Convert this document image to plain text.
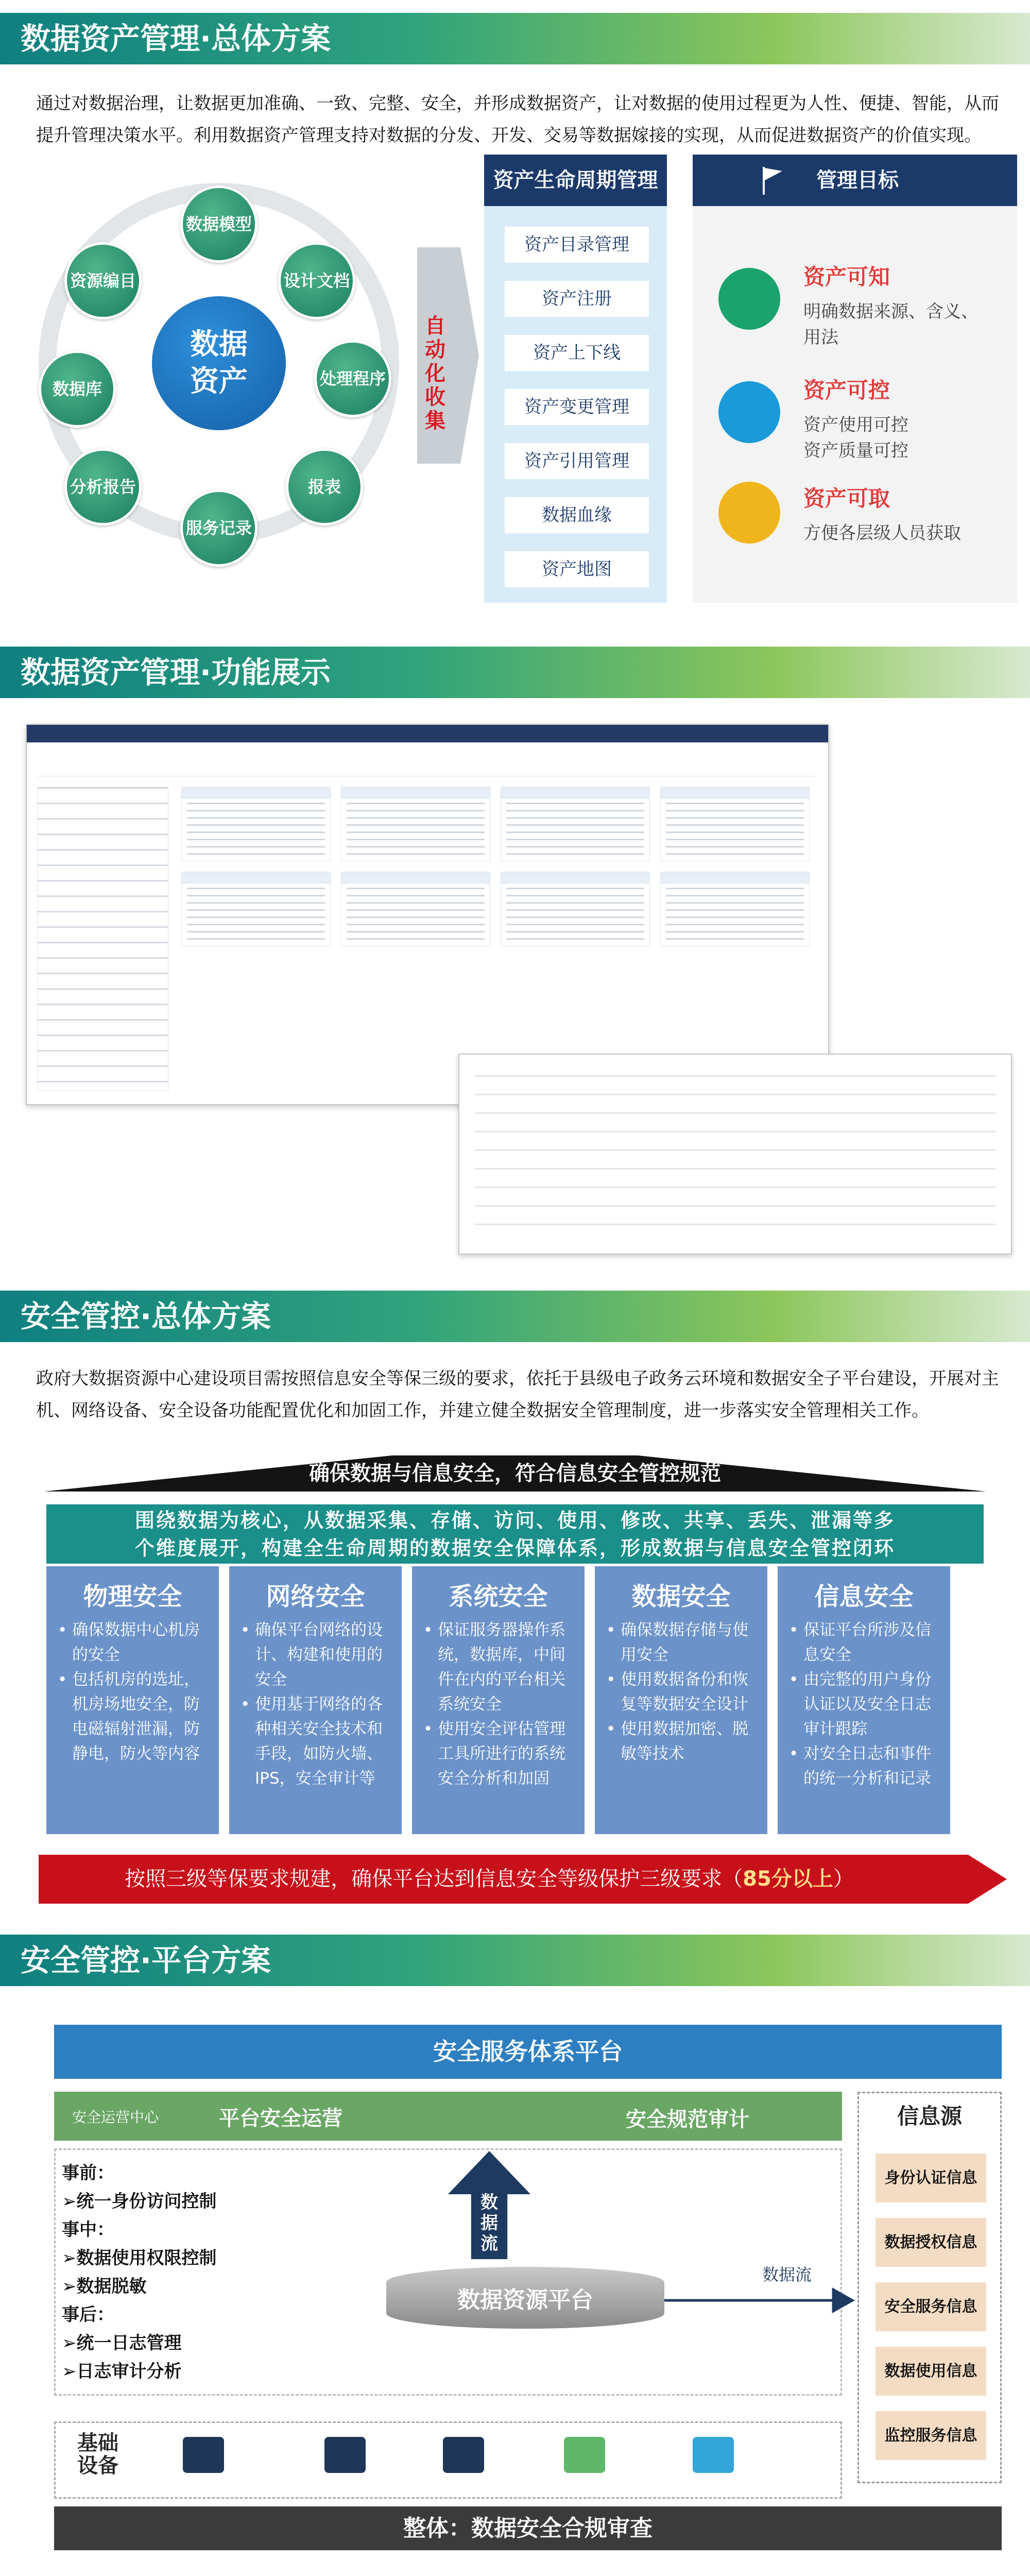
数据资产管理·总体方案
通过对数据治理，让数据更加准确、一致、完整、安全，并形成数据资产，让对数据的使用过程更为人性、便捷、智能，从而提升管理决策水平。利用数据资产管理支持对数据的分发、开发、交易等数据嫁接的实现，从而促进数据资产的价值实现。
数据
资产
数据模型
设计文档
处理程序
报表
服务记录
分析报告
数据库
资源编目
自动化收集
资产生命周期管理
资产目录管理
资产注册
资产上下线
资产变更管理
资产引用管理
数据血缘
资产地图
管理目标
资产可知
明确数据来源、含义、
用法
资产可控
资产使用可控
资产质量可控
资产可取
方便各层级人员获取
数据资产管理·功能展示
安全管控·总体方案
政府大数据资源中心建设项目需按照信息安全等保三级的要求，依托于县级电子政务云环境和数据安全子平台建设，开展对主机、网络设备、安全设备功能配置优化和加固工作，并建立健全数据安全管理制度，进一步落实安全管理相关工作。
确保数据与信息安全，符合信息安全管控规范
围绕数据为核心，从数据采集、存储、访问、使用、修改、共享、丢失、泄漏等多
个维度展开，构建全生命周期的数据安全保障体系，形成数据与信息安全管控闭环
物理安全
• 确保数据中心机房的安全
• 包括机房的选址，机房场地安全，防电磁辐射泄漏，防静电，防火等内容
网络安全
• 确保平台网络的设计、构建和使用的安全
• 使用基于网络的各种相关安全技术和手段，如防火墙、IPS，安全审计等
系统安全
• 保证服务器操作系统，数据库，中间件在内的平台相关系统安全
• 使用安全评估管理工具所进行的系统安全分析和加固
数据安全
• 确保数据存储与使用安全
• 使用数据备份和恢复等数据安全设计
• 使用数据加密、脱敏等技术
信息安全
• 保证平台所涉及信息安全
• 由完整的用户身份认证以及安全日志审计跟踪
• 对安全日志和事件的统一分析和记录
按照三级等保要求规建，确保平台达到信息安全等级保护三级要求（85分以上）
安全管控·平台方案
安全服务体系平台
安全运营中心	平台安全运营	安全规范审计
事前：
➢统一身份访问控制
事中：
➢数据使用权限控制
➢数据脱敏
事后：
➢统一日志管理
➢日志审计分析
数据流
数据资源平台
数据流
信息源
身份认证信息
数据授权信息
安全服务信息
数据使用信息
监控服务信息
基础
设备
整体：数据安全合规审查
